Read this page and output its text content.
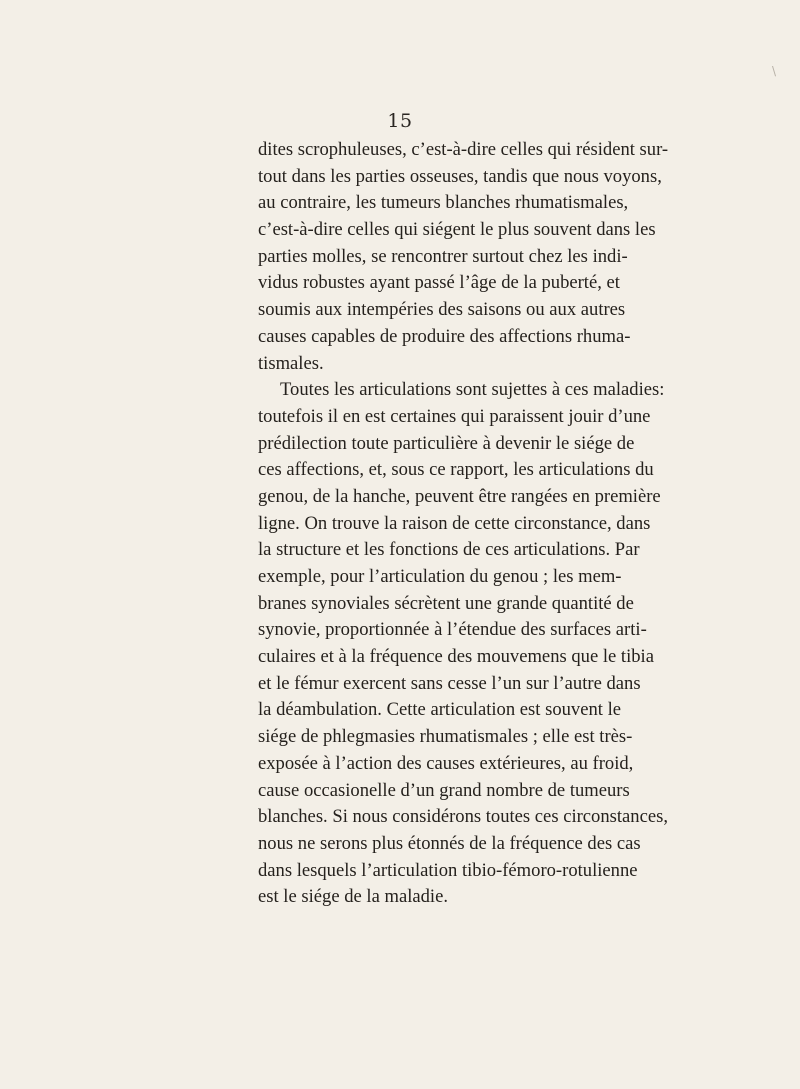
\
15
dites scrophuleuses, c’est-à-dire celles qui résident sur-
tout dans les parties osseuses, tandis que nous voyons,
au contraire, les tumeurs blanches rhumatismales,
c’est-à-dire celles qui siégent le plus souvent dans les
parties molles, se rencontrer surtout chez les indi-
vidus robustes ayant passé l’âge de la puberté, et
soumis aux intempéries des saisons ou aux autres
causes capables de produire des affections rhuma-
tismales.
Toutes les articulations sont sujettes à ces maladies:
toutefois il en est certaines qui paraissent jouir d’une
prédilection toute particulière à devenir le siége de
ces affections, et, sous ce rapport, les articulations du
genou, de la hanche, peuvent être rangées en première
ligne. On trouve la raison de cette circonstance, dans
la structure et les fonctions de ces articulations. Par
exemple, pour l’articulation du genou ; les mem-
branes synoviales sécrètent une grande quantité de
synovie, proportionnée à l’étendue des surfaces arti-
culaires et à la fréquence des mouvemens que le tibia
et le fémur exercent sans cesse l’un sur l’autre dans
la déambulation. Cette articulation est souvent le
siége de phlegmasies rhumatismales ; elle est très-
exposée à l’action des causes extérieures, au froid,
cause occasionelle d’un grand nombre de tumeurs
blanches. Si nous considérons toutes ces circonstances,
nous ne serons plus étonnés de la fréquence des cas
dans lesquels l’articulation tibio-fémoro-rotulienne
est le siége de la maladie.
